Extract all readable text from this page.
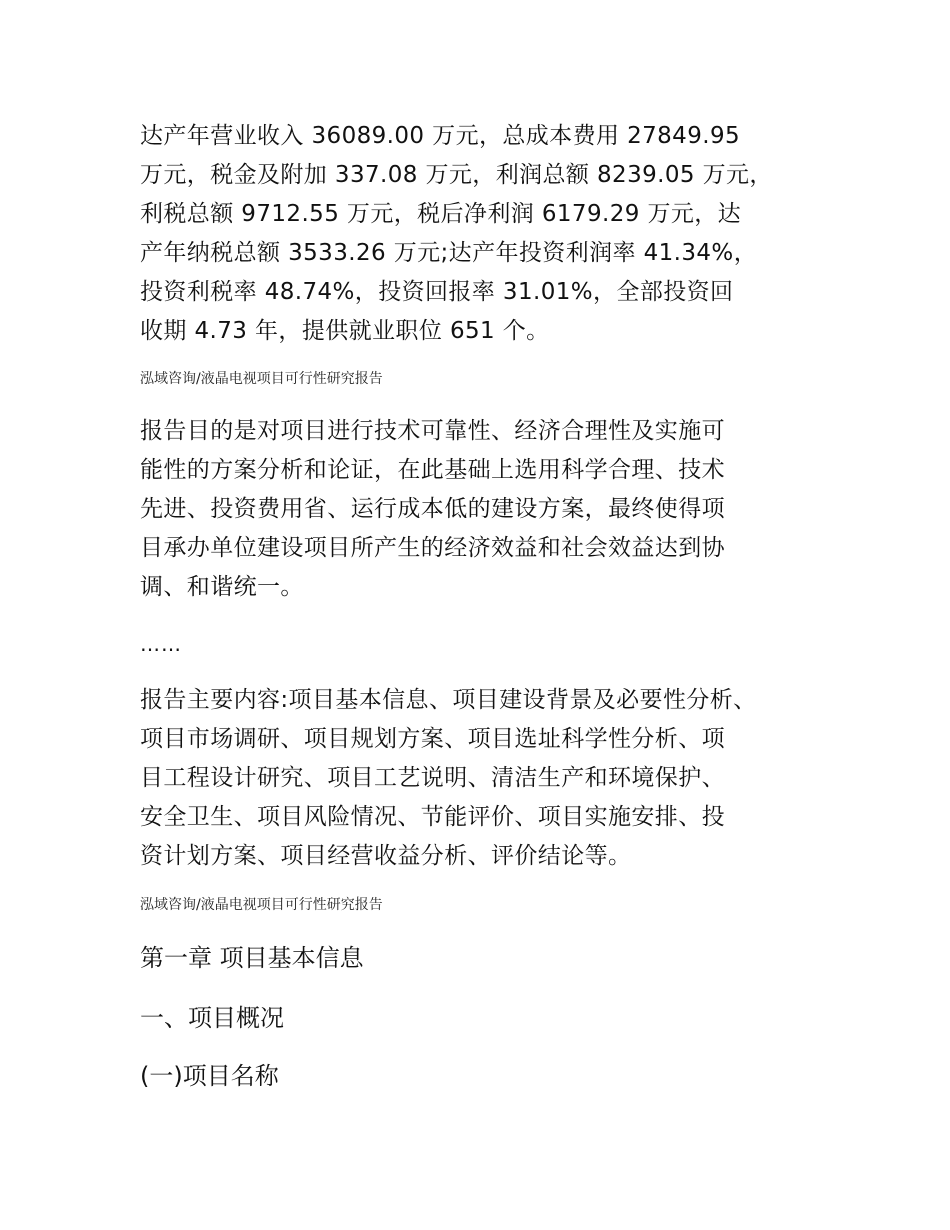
达产年营业收入 36089.00 万元，总成本费用 27849.95
万元，税金及附加 337.08 万元，利润总额 8239.05 万元，
利税总额 9712.55 万元，税后净利润 6179.29 万元，达
产年纳税总额 3533.26 万元;达产年投资利润率 41.34%，
投资利税率 48.74%，投资回报率 31.01%，全部投资回
收期 4.73 年，提供就业职位 651 个。
泓域咨询/液晶电视项目可行性研究报告
报告目的是对项目进行技术可靠性、经济合理性及实施可
能性的方案分析和论证，在此基础上选用科学合理、技术
先进、投资费用省、运行成本低的建设方案，最终使得项
目承办单位建设项目所产生的经济效益和社会效益达到协
调、和谐统一。
……
报告主要内容:项目基本信息、项目建设背景及必要性分析、
项目市场调研、项目规划方案、项目选址科学性分析、项
目工程设计研究、项目工艺说明、清洁生产和环境保护、
安全卫生、项目风险情况、节能评价、项目实施安排、投
资计划方案、项目经营收益分析、评价结论等。
泓域咨询/液晶电视项目可行性研究报告
第一章 项目基本信息
一、项目概况
(一)项目名称
